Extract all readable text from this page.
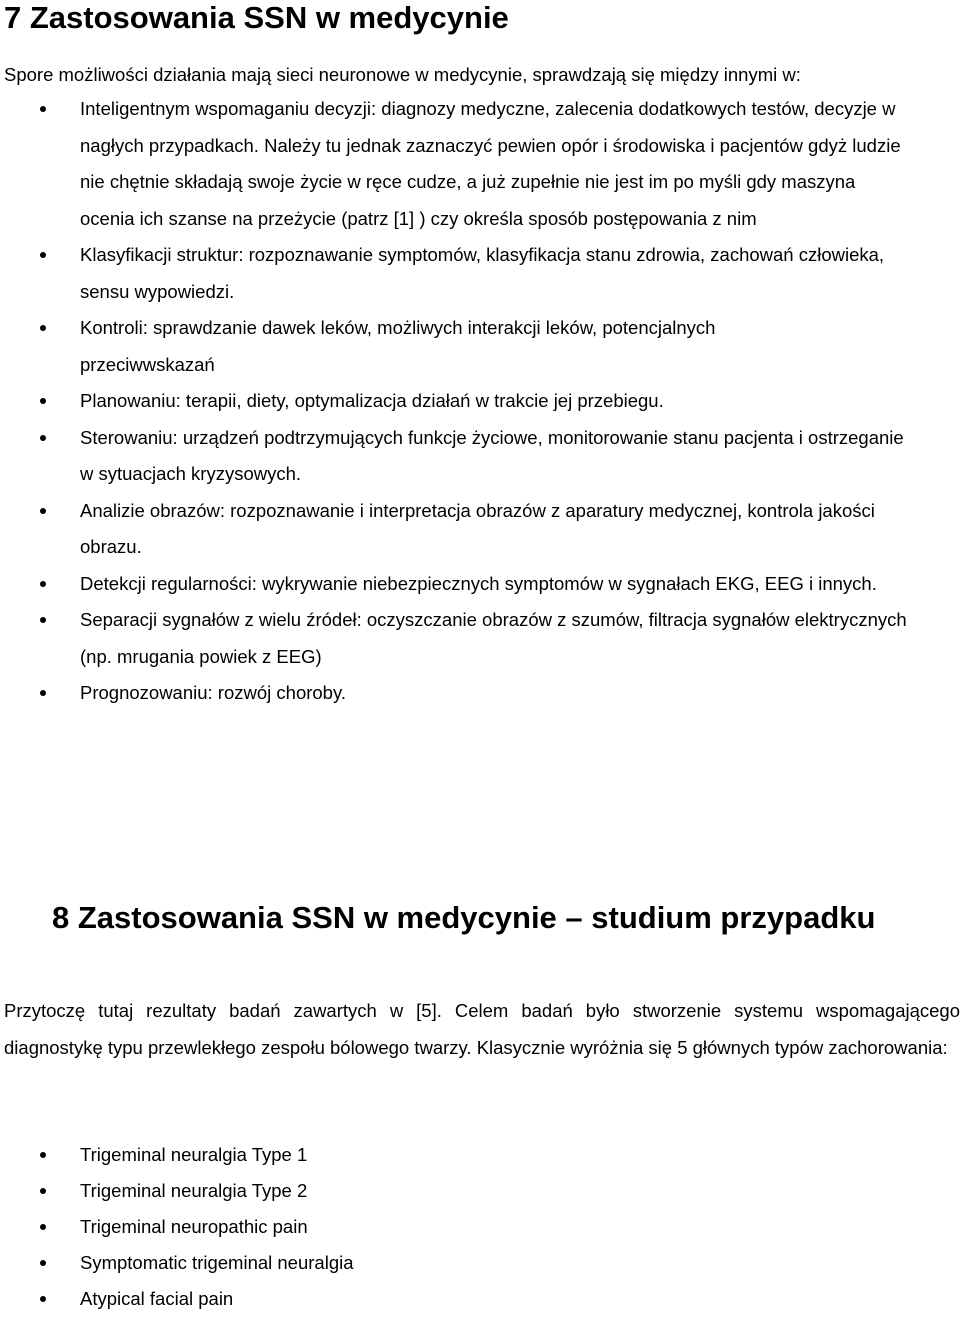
7 Zastosowania SSN w medycynie

Spore możliwości działania mają sieci neuronowe w medycynie, sprawdzają się między innymi w:

Inteligentnym wspomaganiu decyzji: diagnozy medyczne, zalecenia dodatkowych testów, decyzje w nagłych przypadkach. Należy tu jednak zaznaczyć pewien opór i środowiska i pacjentów gdyż ludzie nie chętnie składają swoje życie w ręce cudze, a już zupełnie nie jest im po myśli gdy maszyna ocenia ich szanse na przeżycie (patrz [1] ) czy określa sposób postępowania z nim
Klasyfikacji struktur: rozpoznawanie symptomów, klasyfikacja stanu zdrowia, zachowań człowieka, sensu wypowiedzi.
Kontroli: sprawdzanie dawek leków, możliwych interakcji leków, potencjalnych przeciwwskazań
Planowaniu: terapii, diety, optymalizacja działań w trakcie jej przebiegu.
Sterowaniu: urządzeń podtrzymujących funkcje życiowe, monitorowanie stanu pacjenta i ostrzeganie w sytuacjach kryzysowych.
Analizie obrazów: rozpoznawanie i interpretacja obrazów z aparatury medycznej, kontrola jakości obrazu.
Detekcji regularności: wykrywanie niebezpiecznych symptomów w sygnałach EKG, EEG i innych.
Separacji sygnałów z wielu źródeł: oczyszczanie obrazów z szumów, filtracja sygnałów elektrycznych (np. mrugania powiek z EEG)
Prognozowaniu: rozwój choroby.
8 Zastosowania SSN w medycynie – studium przypadku

Przytoczę tutaj rezultaty badań zawartych w [5]. Celem badań było stworzenie systemu wspomagającego diagnostykę typu przewlekłego zespołu bólowego twarzy. Klasycznie wyróżnia się 5 głównych typów zachorowania:

Trigeminal neuralgia Type 1
Trigeminal neuralgia Type 2
Trigeminal neuropathic pain
Symptomatic trigeminal neuralgia
Atypical facial pain
